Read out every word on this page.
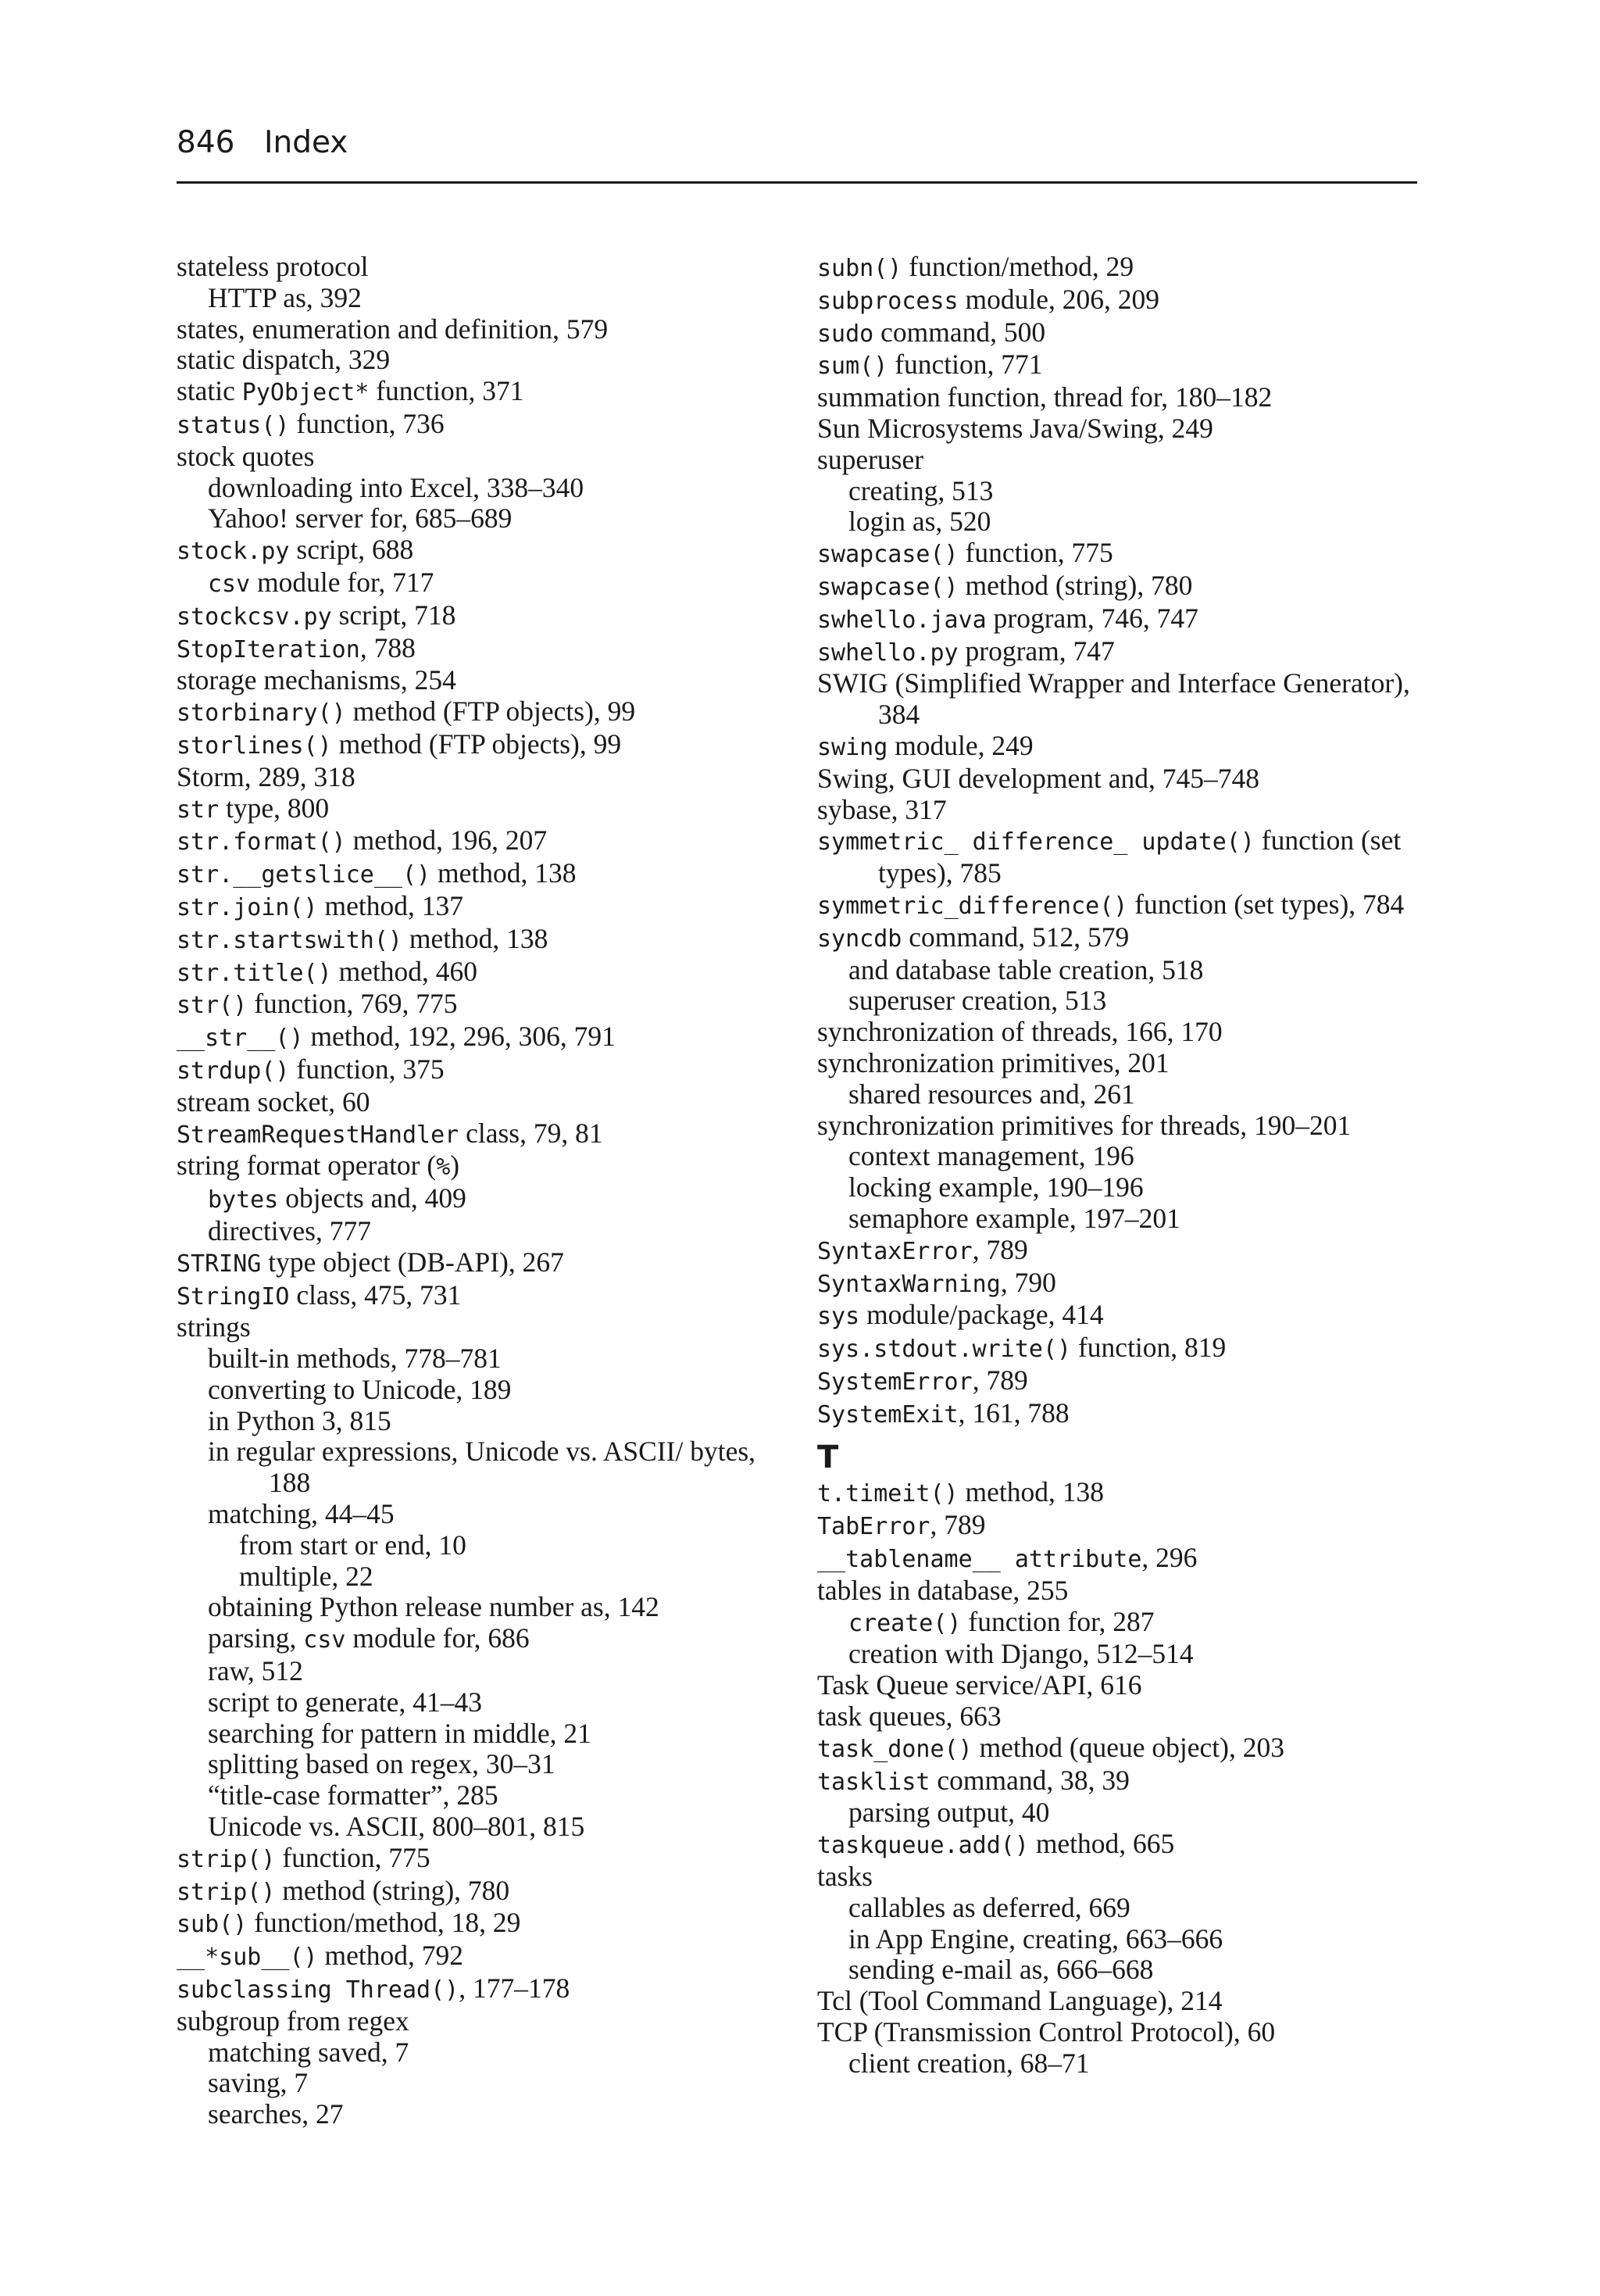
846 Index
stateless protocol
HTTP as, 392
states, enumeration and definition, 579
static dispatch, 329
static PyObject* function, 371
status() function, 736
stock quotes
downloading into Excel, 338–340
Yahoo! server for, 685–689
stock.py script, 688
csv module for, 717
stockcsv.py script, 718
StopIteration, 788
storage mechanisms, 254
storbinary() method (FTP objects), 99
storlines() method (FTP objects), 99
Storm, 289, 318
str type, 800
str.format() method, 196, 207
str.__getslice__() method, 138
str.join() method, 137
str.startswith() method, 138
str.title() method, 460
str() function, 769, 775
__str__() method, 192, 296, 306, 791
strdup() function, 375
stream socket, 60
StreamRequestHandler class, 79, 81
string format operator (%)
bytes objects and, 409
directives, 777
STRING type object (DB-API), 267
StringIO class, 475, 731
strings
built-in methods, 778–781
converting to Unicode, 189
in Python 3, 815
in regular expressions, Unicode vs. ASCII/ bytes, 188
matching, 44–45
from start or end, 10
multiple, 22
obtaining Python release number as, 142
parsing, csv module for, 686
raw, 512
script to generate, 41–43
searching for pattern in middle, 21
splitting based on regex, 30–31
“title-case formatter”, 285
Unicode vs. ASCII, 800–801, 815
strip() function, 775
strip() method (string), 780
sub() function/method, 18, 29
__*sub__() method, 792
subclassing Thread(), 177–178
subgroup from regex
matching saved, 7
saving, 7
searches, 27
subn() function/method, 29
subprocess module, 206, 209
sudo command, 500
sum() function, 771
summation function, thread for, 180–182
Sun Microsystems Java/Swing, 249
superuser
creating, 513
login as, 520
swapcase() function, 775
swapcase() method (string), 780
swhello.java program, 746, 747
swhello.py program, 747
SWIG (Simplified Wrapper and Interface Generator), 384
swing module, 249
Swing, GUI development and, 745–748
sybase, 317
symmetric_ difference_ update() function (set types), 785
symmetric_difference() function (set types), 784
syncdb command, 512, 579
and database table creation, 518
superuser creation, 513
synchronization of threads, 166, 170
synchronization primitives, 201
shared resources and, 261
synchronization primitives for threads, 190–201
context management, 196
locking example, 190–196
semaphore example, 197–201
SyntaxError, 789
SyntaxWarning, 790
sys module/package, 414
sys.stdout.write() function, 819
SystemError, 789
SystemExit, 161, 788
T
t.timeit() method, 138
TabError, 789
__tablename__ attribute, 296
tables in database, 255
create() function for, 287
creation with Django, 512–514
Task Queue service/API, 616
task queues, 663
task_done() method (queue object), 203
tasklist command, 38, 39
parsing output, 40
taskqueue.add() method, 665
tasks
callables as deferred, 669
in App Engine, creating, 663–666
sending e-mail as, 666–668
Tcl (Tool Command Language), 214
TCP (Transmission Control Protocol), 60
client creation, 68–71
